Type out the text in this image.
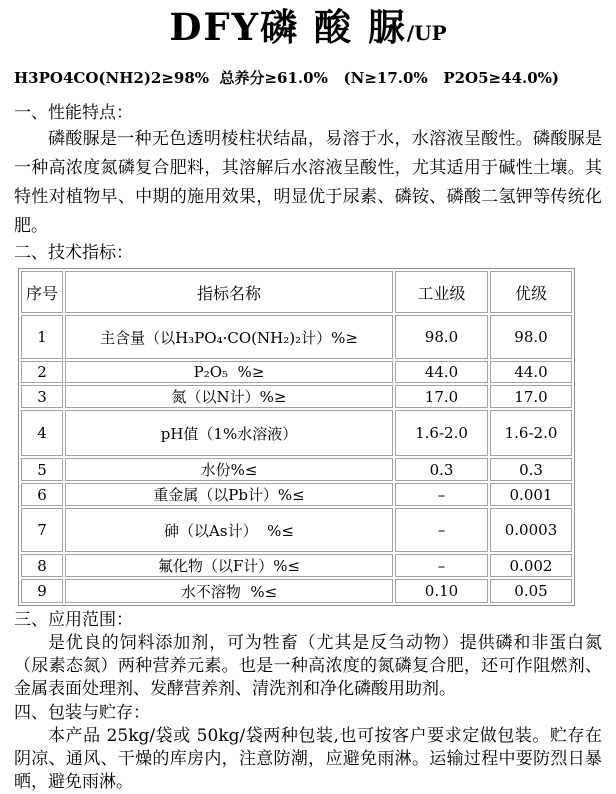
DFY磷 酸 脲/UP

H3PO4CO(NH2)2≥98%  总养分≥61.0%   (N≥17.0%   P2O5≥44.0%)

一、性能特点：

磷酸脲是一种无色透明棱柱状结晶，易溶于水，水溶液呈酸性。磷酸脲是一种高浓度氮磷复合肥料，其溶解后水溶液呈酸性，尤其适用于碱性土壤。其特性对植物早、中期的施用效果，明显优于尿素、磷铵、磷酸二氢钾等传统化肥。

二、技术指标：
序号	指标名称	工业级	优级
1	主含量（以H₃PO₄·CO(NH₂)₂计）%≥	98.0	98.0
2	P₂O₅  %≥	44.0	44.0
3	氮（以N计）%≥	17.0	17.0
4	pH值（1%水溶液）	1.6-2.0	1.6-2.0
5	水份%≤	0.3	0.3
6	重金属（以Pb计）%≤	–	0.001
7	砷（以As计）  %≤	–	0.0003
8	氟化物（以F计）%≤	–	0.002
9	水不溶物  %≤	0.10	0.05
三、应用范围：

是优良的饲料添加剂，可为牲畜（尤其是反刍动物）提供磷和非蛋白氮（尿素态氮）两种营养元素。也是一种高浓度的氮磷复合肥，还可作阻燃剂、金属表面处理剂、发酵营养剂、清洗剂和净化磷酸用助剂。

四、包装与贮存：

本产品 25kg/袋或 50kg/袋两种包装,也可按客户要求定做包装。贮存在阴凉、通风、干燥的库房内，注意防潮，应避免雨淋。运输过程中要防烈日暴晒，避免雨淋。
